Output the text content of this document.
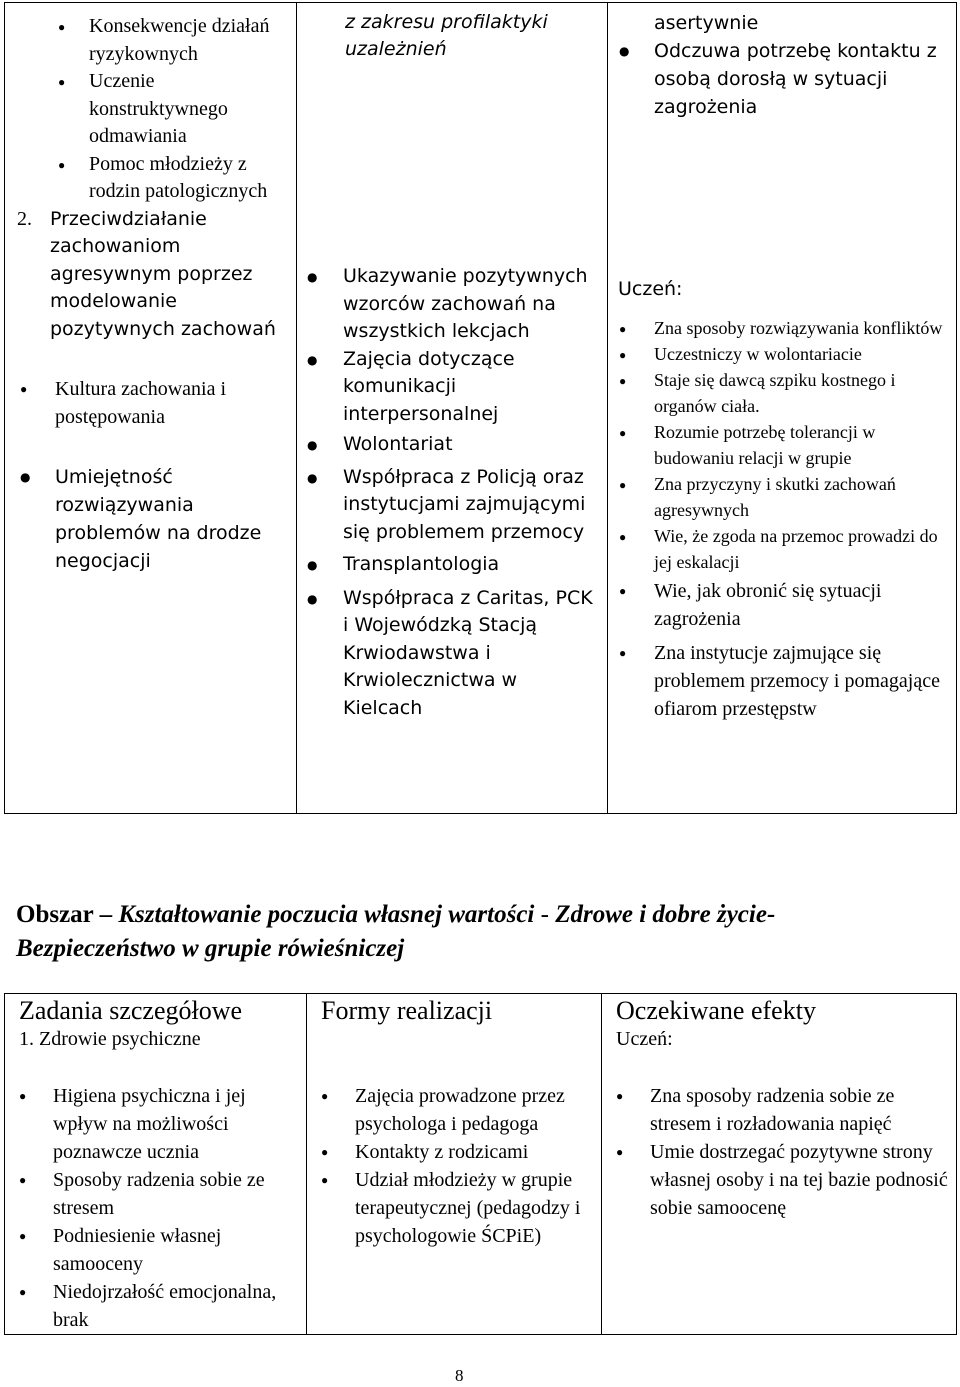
● Konsekwencje działań ryzykownych
● Uczenie konstruktywnego odmawiania
● Pomoc młodzieży z rodzin patologicznych
2. Przeciwdziałanie zachowaniom agresywnym poprzez modelowanie pozytywnych zachowań
● Kultura zachowania i postępowania
● Umiejętność rozwiązywania problemów na drodze negocjacji

z zakresu profilaktyki uzależnień
● Ukazywanie pozytywnych wzorców zachowań na wszystkich lekcjach
● Zajęcia dotyczące komunikacji interpersonalnej
● Wolontariat
● Współpraca z Policją oraz instytucjami zajmującymi się problemem przemocy
● Transplantologia
● Współpraca z Caritas, PCK i Wojewódzką Stacją Krwiodawstwa i Krwiolecznictwa w Kielcach

asertywnie
● Odczuwa potrzebę kontaktu z osobą dorosłą w sytuacji zagrożenia
Uczeń:
● Zna sposoby rozwiązywania konfliktów
● Uczestniczy w wolontariacie
● Staje się dawcą szpiku kostnego i organów ciała.
● Rozumie potrzebę tolerancji w budowaniu relacji w grupie
● Zna przyczyny i skutki zachowań agresywnych
● Wie, że zgoda na przemoc prowadzi do jej eskalacji
● Wie, jak obronić się sytuacji zagrożenia
● Zna instytucje zajmujące się problemem przemocy i pomagające ofiarom przestępstw
Obszar – Kształtowanie poczucia własnej wartości - Zdrowe i dobre życie- Bezpieczeństwo w grupie rówieśniczej
Zadania szczegółowe
1. Zdrowie psychiczne
● Higiena psychiczna i jej wpływ na możliwości poznawcze ucznia
● Sposoby radzenia sobie ze stresem
● Podniesienie własnej samooceny
● Niedojrzałość emocjonalna, brak

Formy realizacji
● Zajęcia prowadzone przez psychologa i pedagoga
● Kontakty z rodzicami
● Udział młodzieży w grupie terapeutycznej (pedagodzy i psychologowie ŚCPiE)

Oczekiwane efekty
Uczeń:
● Zna sposoby radzenia sobie ze stresem i rozładowania napięć
● Umie dostrzegać pozytywne strony własnej osoby i na tej bazie podnosić sobie samoocenę
8
